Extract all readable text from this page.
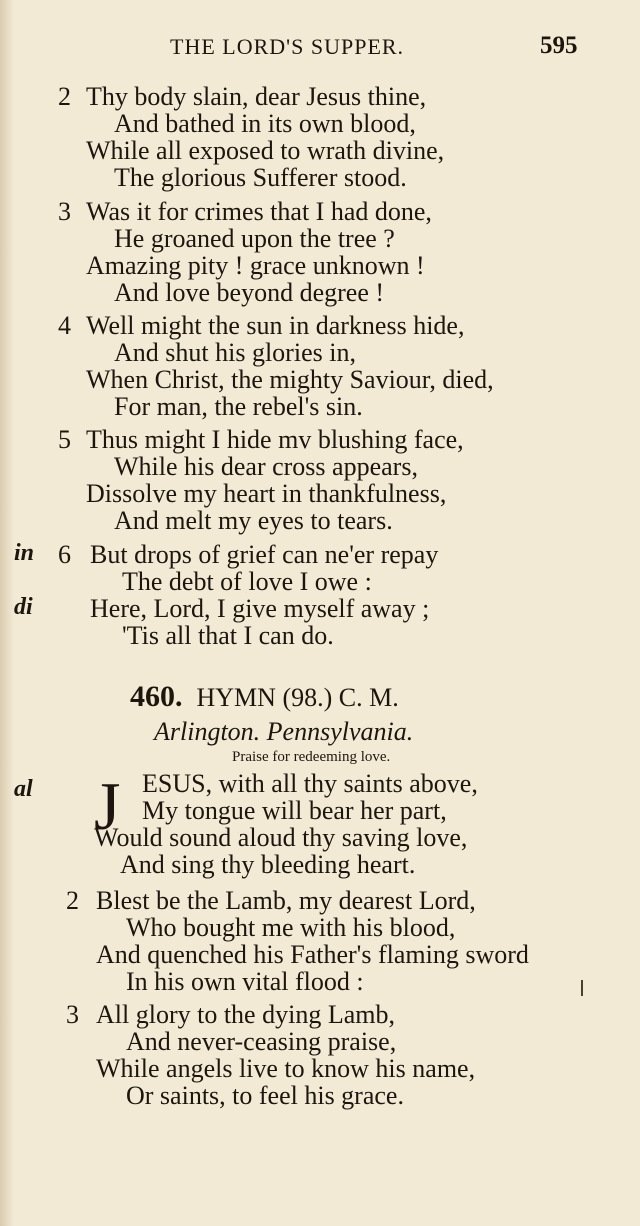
THE LORD'S SUPPER.	595
in
di
al
2 Thy body slain, dear Jesus thine,
And bathed in its own blood,
While all exposed to wrath divine,
The glorious Sufferer stood.
3 Was it for crimes that I had done,
He groaned upon the tree ?
Amazing pity ! grace unknown !
And love beyond degree !
4 Well might the sun in darkness hide,
And shut his glories in,
When Christ, the mighty Saviour, died,
For man, the rebel's sin.
5 Thus might I hide mv blushing face,
While his dear cross appears,
Dissolve my heart in thankfulness,
And melt my eyes to tears.
6 But drops of grief can ne'er repay
The debt of love I owe :
Here, Lord, I give myself away ;
'Tis all that I can do.
460. HYMN (98.) C. M.
Arlington. Pennsylvania.
Praise for redeeming love.
J ESUS, with all thy saints above,
My tongue will bear her part,
Would sound aloud thy saving love,
And sing thy bleeding heart.
2 Blest be the Lamb, my dearest Lord,
Who bought me with his blood,
And quenched his Father's flaming sword
In his own vital flood :
3 All glory to the dying Lamb,
And never-ceasing praise,
While angels live to know his name,
Or saints, to feel his grace.
